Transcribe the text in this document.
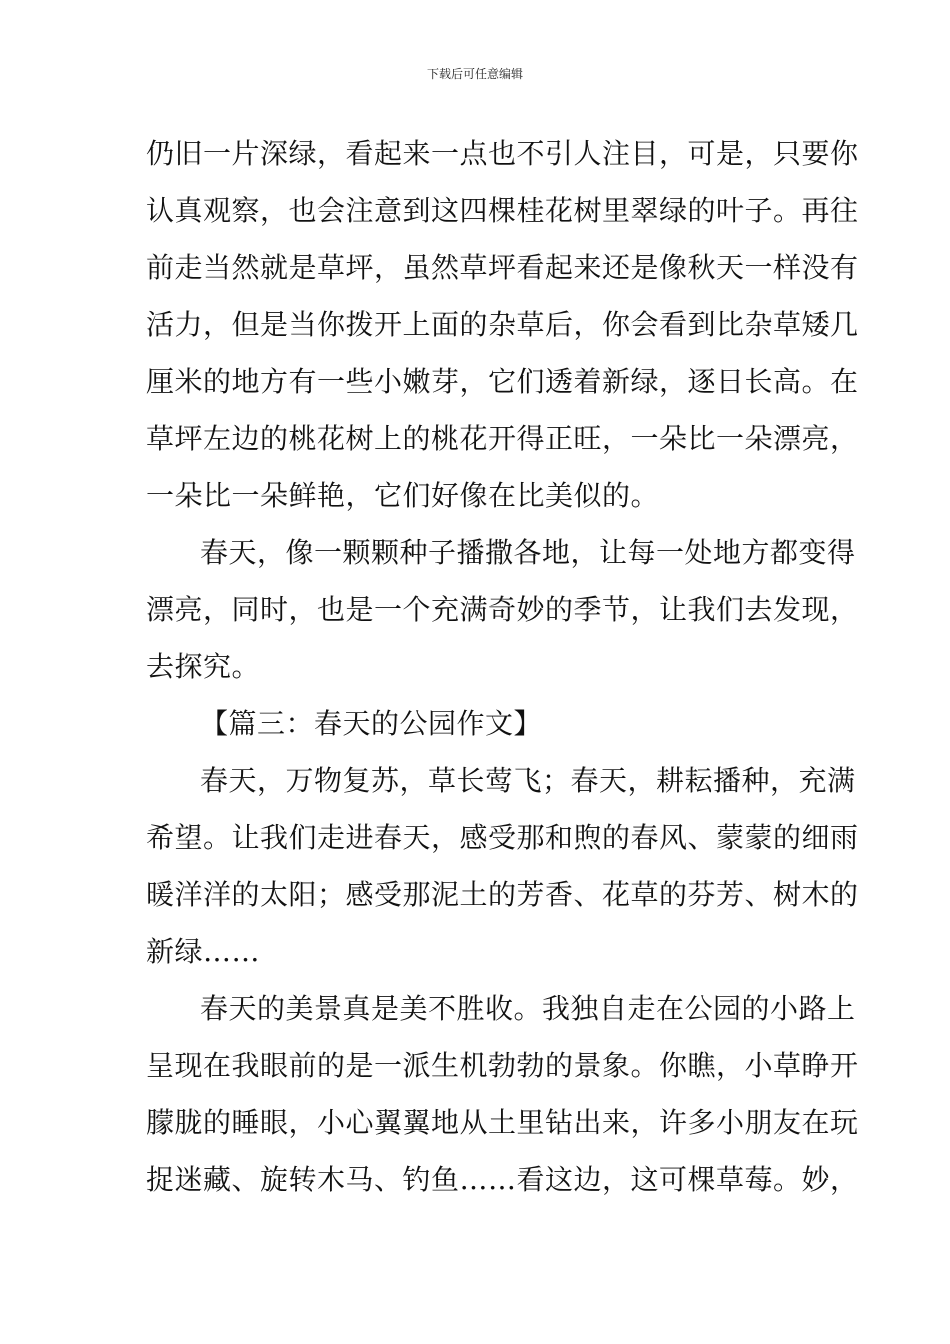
下载后可任意编辑
仍旧一片深绿，看起来一点也不引人注目，可是，只要你
认真观察，也会注意到这四棵桂花树里翠绿的叶子。再往
前走当然就是草坪，虽然草坪看起来还是像秋天一样没有
活力，但是当你拨开上面的杂草后，你会看到比杂草矮几
厘米的地方有一些小嫩芽，它们透着新绿，逐日长高。在
草坪左边的桃花树上的桃花开得正旺，一朵比一朵漂亮，
一朵比一朵鲜艳，它们好像在比美似的。
春天，像一颗颗种子播撒各地，让每一处地方都变得
漂亮，同时，也是一个充满奇妙的季节，让我们去发现，
去探究。
【篇三：春天的公园作文】
春天，万物复苏，草长莺飞；春天，耕耘播种，充满
希望。让我们走进春天，感受那和煦的春风、蒙蒙的细雨
暖洋洋的太阳；感受那泥土的芳香、花草的芬芳、树木的
新绿……
春天的美景真是美不胜收。我独自走在公园的小路上
呈现在我眼前的是一派生机勃勃的景象。你瞧，小草睁开
朦胧的睡眼，小心翼翼地从土里钻出来，许多小朋友在玩
捉迷藏、旋转木马、钓鱼……看这边，这可棵草莓。妙，
